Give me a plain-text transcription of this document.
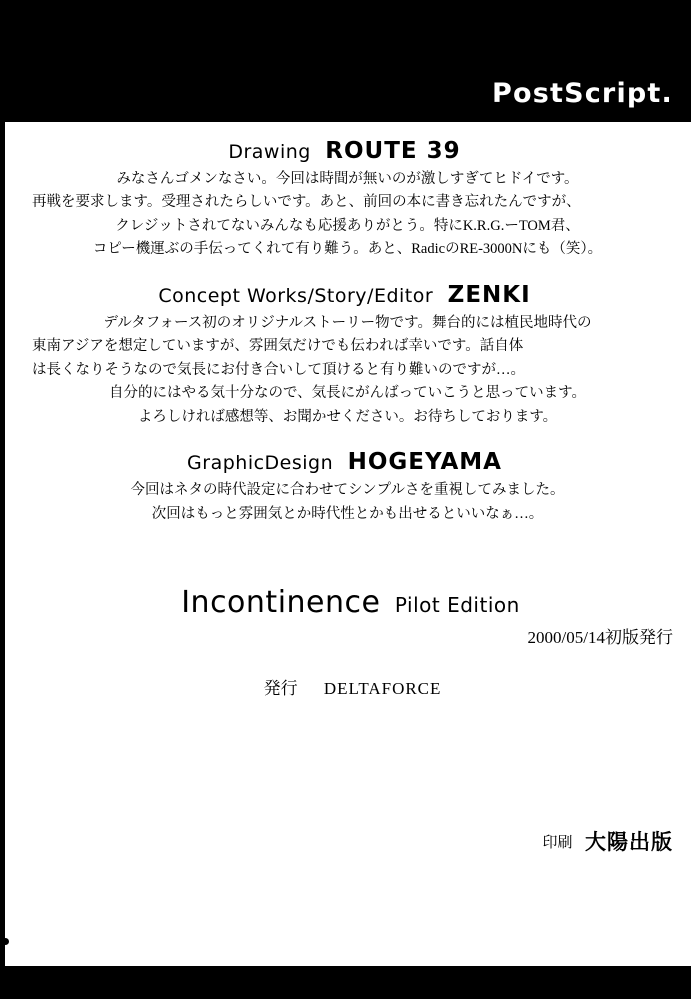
PostScript.
Drawing ROUTE 39

みなさんゴメンなさい。今回は時間が無いのが激しすぎてヒドイです。

再戦を要求します。受理されたらしいです。あと、前回の本に書き忘れたんですが、

クレジットされてないみんなも応援ありがとう。特にK.R.G.ーTOM君、

コピー機運ぶの手伝ってくれて有り難う。あと、RadicのRE-3000Nにも（笑）。

Concept Works/Story/Editor ZENKI

デルタフォース初のオリジナルストーリー物です。舞台的には植民地時代の

東南アジアを想定していますが、雰囲気だけでも伝われば幸いです。話自体

は長くなりそうなので気長にお付き合いして頂けると有り難いのですが…。

自分的にはやる気十分なので、気長にがんばっていこうと思っています。

よろしければ感想等、お聞かせください。お待ちしております。

GraphicDesign HOGEYAMA

今回はネタの時代設定に合わせてシンプルさを重視してみました。

次回はもっと雰囲気とか時代性とかも出せるといいなぁ…。

Incontinence Pilot Edition
2000/05/14初版発行
発行 DELTAFORCE
印刷 大陽出版
